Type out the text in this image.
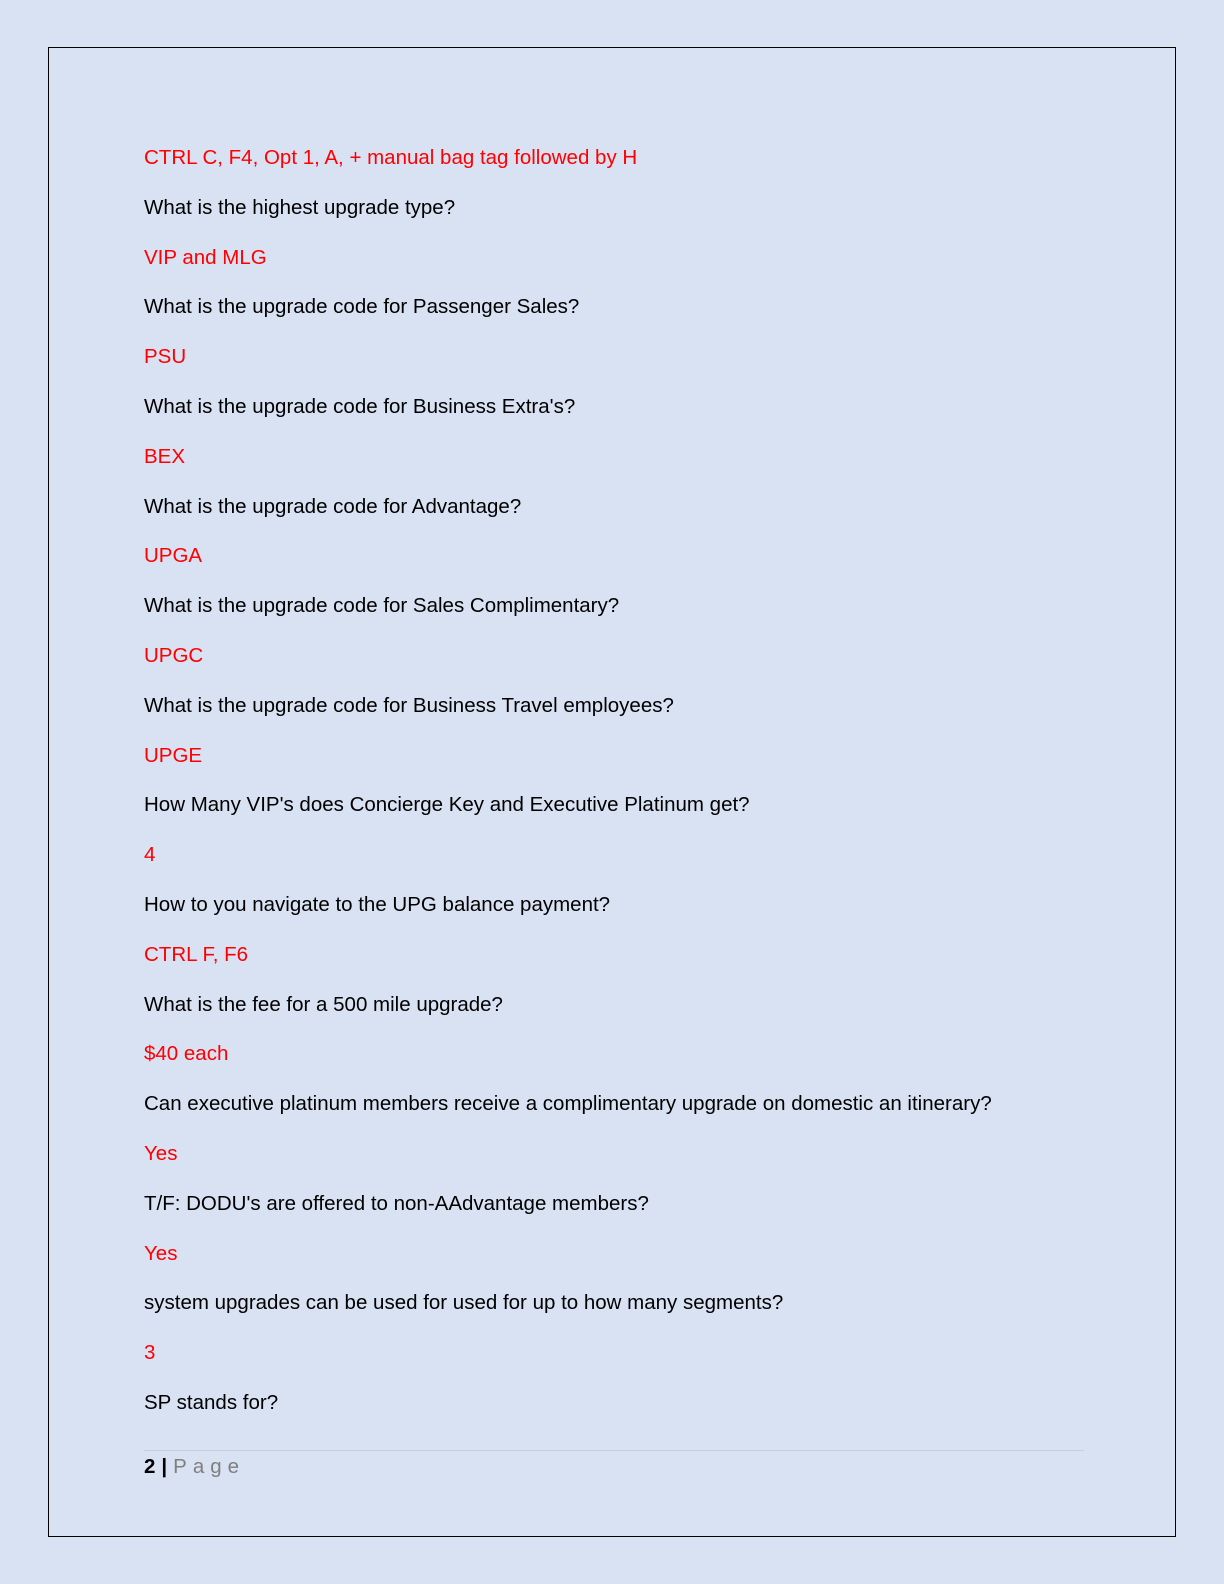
CTRL C, F4, Opt 1, A, + manual bag tag followed by H
What is the highest upgrade type?
VIP and MLG
What is the upgrade code for Passenger Sales?
PSU
What is the upgrade code for Business Extra's?
BEX
What is the upgrade code for Advantage?
UPGA
What is the upgrade code for Sales Complimentary?
UPGC
What is the upgrade code for Business Travel employees?
UPGE
How Many VIP's does Concierge Key and Executive Platinum get?
4
How to you navigate to the UPG balance payment?
CTRL F, F6
What is the fee for a 500 mile upgrade?
$40 each
Can executive platinum members receive a complimentary upgrade on domestic an itinerary?
Yes
T/F: DODU's are offered to non-AAdvantage members?
Yes
system upgrades can be used for used for up to how many segments?
3
SP stands for?
2 | Page
